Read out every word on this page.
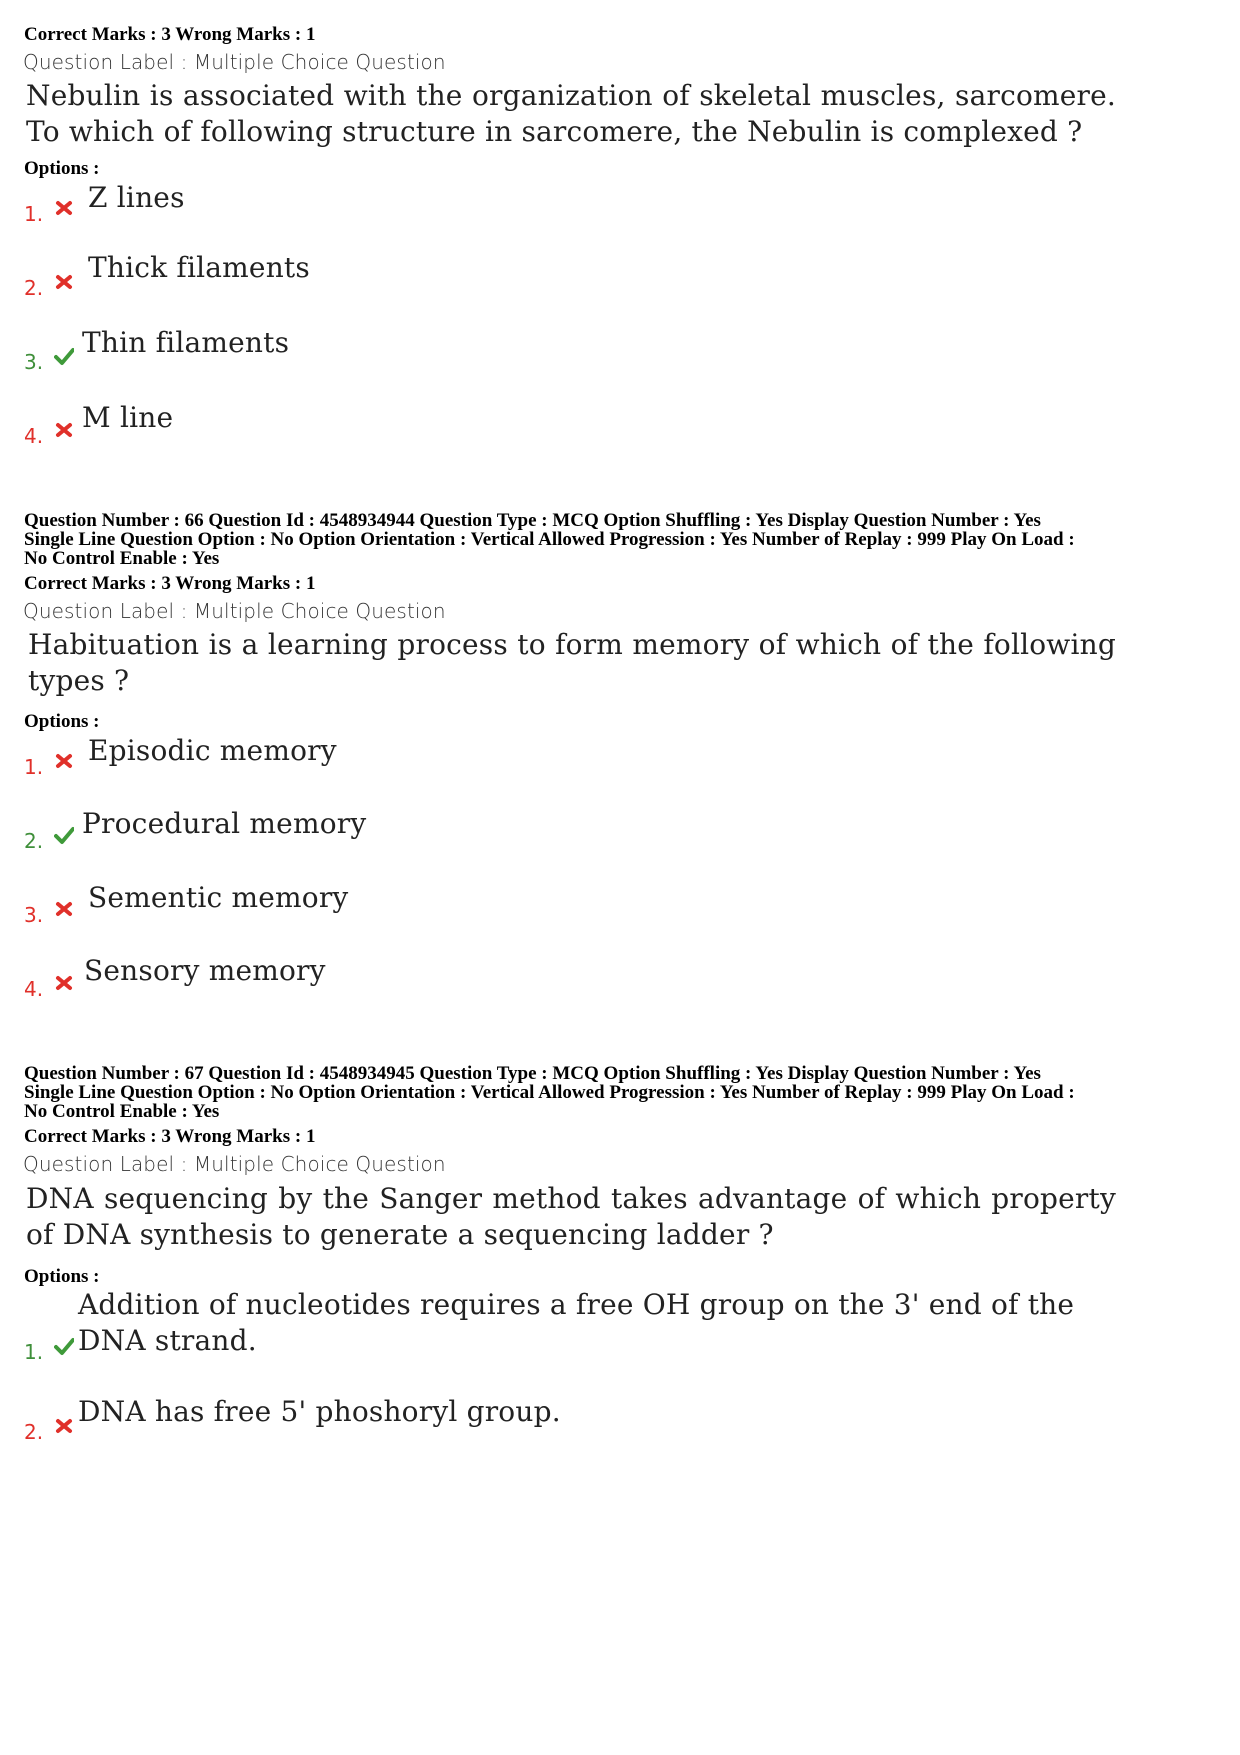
Correct Marks : 3 Wrong Marks : 1
Question Label : Multiple Choice Question
Nebulin is associated with the organization of skeletal muscles, sarcomere. To which of following structure in sarcomere, the Nebulin is complexed ?
Options :
1. Z lines
2.
Thick filaments
3.
Thin filaments
4.
M line
Question Number : 66 Question Id : 4548934944 Question Type : MCQ Option Shuffling : Yes Display Question Number : Yes
Single Line Question Option : No Option Orientation : Vertical Allowed Progression : Yes Number of Replay : 999 Play On Load :
No Control Enable : Yes
Correct Marks : 3 Wrong Marks : 1
Question Label : Multiple Choice Question
Habituation is a learning process to form memory of which of the following types ?
Options :
1. Episodic memory
2.
Procedural memory
3.
Sementic memory
4.
Sensory memory
Question Number : 67 Question Id : 4548934945 Question Type : MCQ Option Shuffling : Yes Display Question Number : Yes
Single Line Question Option : No Option Orientation : Vertical Allowed Progression : Yes Number of Replay : 999 Play On Load :
No Control Enable : Yes
Correct Marks : 3 Wrong Marks : 1
Question Label : Multiple Choice Question
DNA sequencing by the Sanger method takes advantage of which property of DNA synthesis to generate a sequencing ladder ?
Options :
1.
Addition of nucleotides requires a free OH group on the 3' end of the DNA strand.
2.
DNA has free 5' phoshoryl group.
